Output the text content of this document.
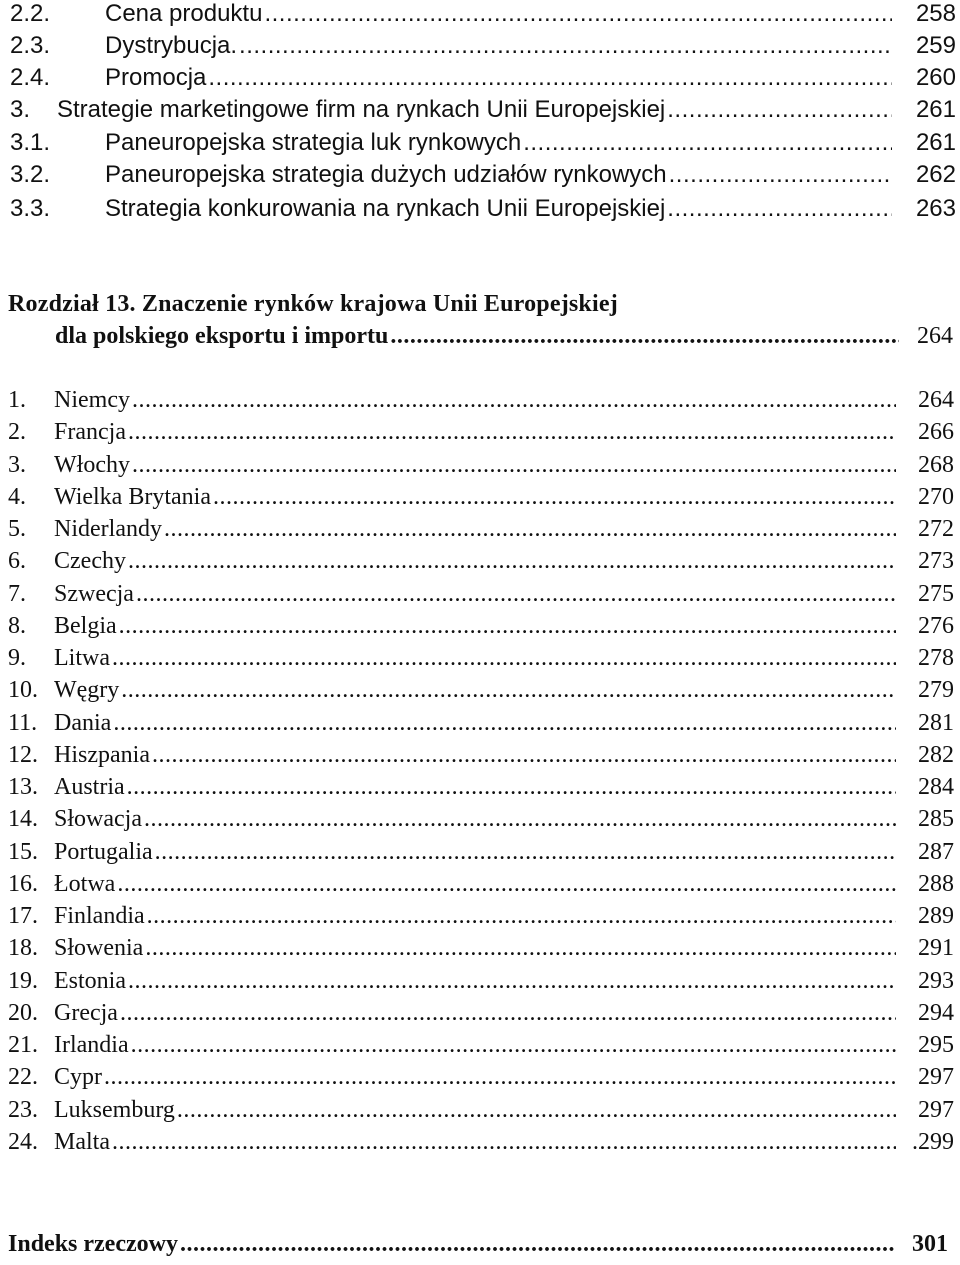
2.2.	Cena produktu .....	258
2.3.	Dystrybucja. .....	259
2.4.	Promocja .....	260
3.	Strategie marketingowe firm na rynkach Unii Europejskiej .....	261
3.1.	Paneuropejska strategia luk rynkowych .....	261
3.2.	Paneuropejska strategia dużych udziałów rynkowych .....	262
3.3.	Strategia konkurowania na rynkach Unii Europejskiej .....	263
Rozdział 13. Znaczenie rynków krajowa Unii Europejskiej
dla polskiego eksportu i importu .....	264
1.	Niemcy .....	264
2.	Francja .....	266
3.	Włochy .....	268
4.	Wielka Brytania .....	270
5.	Niderlandy .....	272
6.	Czechy .....	273
7.	Szwecja .....	275
8.	Belgia .....	276
9.	Litwa .....	278
10. Węgry .....	279
11. Dania .....	281
12. Hiszpania .....	282
13. Austria .....	284
14. Słowacja .....	285
15. Portugalia .....	287
16. Łotwa .....	288
17. Finlandia .....	289
18. Słowenia .....	291
19. Estonia .....	293
20. Grecja .....	294
21. Irlandia .....	295
22. Cypr .....	297
23. Luksemburg .....	297
24. Malta .....	.299
Indeks rzeczowy .....	301
